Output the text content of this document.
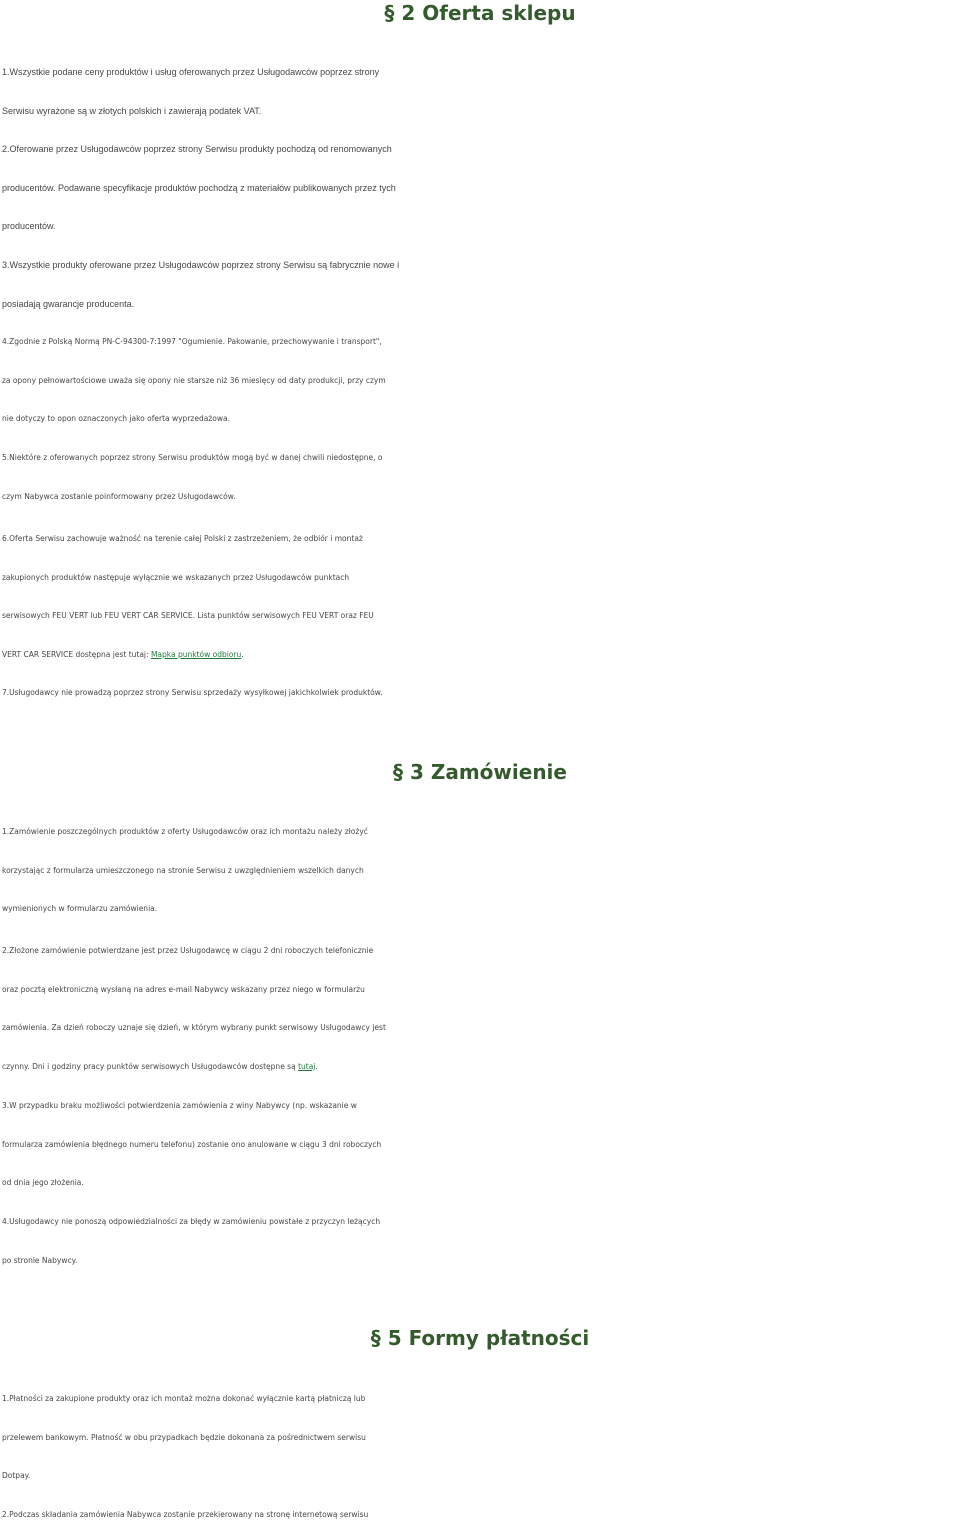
§ 2 Oferta sklepu

1.Wszystkie podane ceny produktów i usług oferowanych przez Usługodawców poprzez strony
Serwisu wyrażone są w złotych polskich i zawierają podatek VAT.

2.Oferowane przez Usługodawców poprzez strony Serwisu produkty pochodzą od renomowanych
producentów. Podawane specyfikacje produktów pochodzą z materiałów publikowanych przez tych
producentów.

3.Wszystkie produkty oferowane przez Usługodawców poprzez strony Serwisu są fabrycznie nowe i
posiadają gwarancje producenta.

4.Zgodnie z Polską Normą PN-C-94300-7:1997 "Ogumienie. Pakowanie, przechowywanie i transport",
za opony pełnowartościowe uważa się opony nie starsze niż 36 miesięcy od daty produkcji, przy czym
nie dotyczy to opon oznaczonych jako oferta wyprzedażowa.

5.Niektóre z oferowanych poprzez strony Serwisu produktów mogą być w danej chwili niedostępne, o
czym Nabywca zostanie poinformowany przez Usługodawców.

6.Oferta Serwisu zachowuje ważność na terenie całej Polski z zastrzeżeniem, że odbiór i montaż
zakupionych produktów następuje wyłącznie we wskazanych przez Usługodawców punktach
serwisowych FEU VERT lub FEU VERT CAR SERVICE. Lista punktów serwisowych FEU VERT oraz FEU
VERT CAR SERVICE dostępna jest tutaj: Mapka punktów odbioru.

7.Usługodawcy nie prowadzą poprzez strony Serwisu sprzedaży wysyłkowej jakichkolwiek produktów.

§ 3 Zamówienie

1.Zamówienie poszczególnych produktów z oferty Usługodawców oraz ich montażu należy złożyć
korzystając z formularza umieszczonego na stronie Serwisu z uwzględnieniem wszelkich danych
wymienionych w formularzu zamówienia.

2.Złożone zamówienie potwierdzane jest przez Usługodawcę w ciągu 2 dni roboczych telefonicznie
oraz pocztą elektroniczną wysłaną na adres e-mail Nabywcy wskazany przez niego w formularzu
zamówienia. Za dzień roboczy uznaje się dzień, w którym wybrany punkt serwisowy Usługodawcy jest
czynny. Dni i godziny pracy punktów serwisowych Usługodawców dostępne są tutaj.

3.W przypadku braku możliwości potwierdzenia zamówienia z winy Nabywcy (np. wskazanie w
formularza zamówienia błędnego numeru telefonu) zostanie ono anulowane w ciągu 3 dni roboczych
od dnia jego złożenia.

4.Usługodawcy nie ponoszą odpowiedzialności za błędy w zamówieniu powstałe z przyczyn leżących
po stronie Nabywcy.

§ 5 Formy płatności

1.Płatności za zakupione produkty oraz ich montaż można dokonać wyłącznie kartą płatniczą lub
przelewem bankowym. Płatność w obu przypadkach będzie dokonana za pośrednictwem serwisu
Dotpay.

2.Podczas składania zamówienia Nabywca zostanie przekierowany na stronę internetową serwisu
